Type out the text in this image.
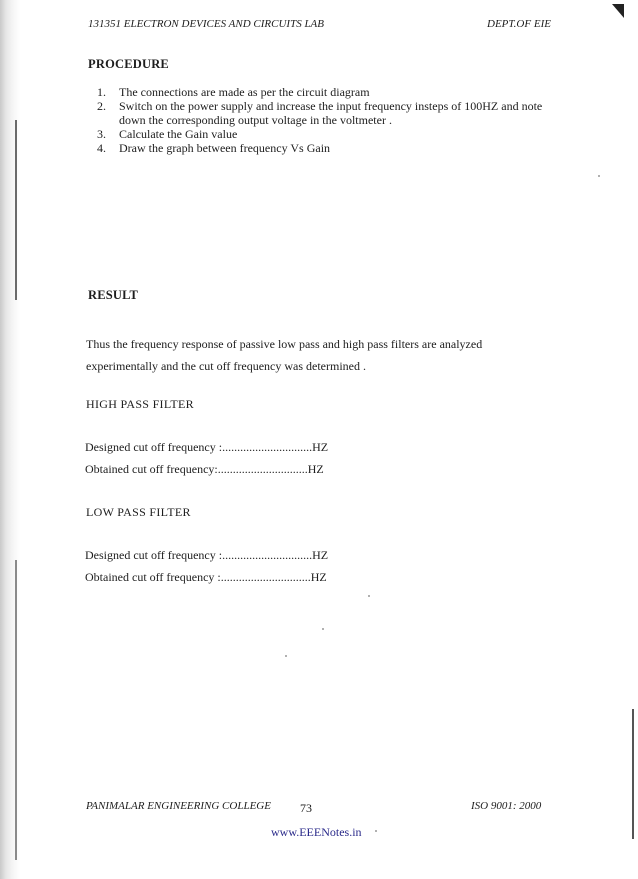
131351 ELECTRON DEVICES AND CIRCUITS LAB	DEPT.OF EIE
PROCEDURE
1. The connections are made as per the circuit diagram
2. Switch on the power supply and increase the input frequency insteps of 100HZ and note down the corresponding output voltage in the voltmeter .
3. Calculate the Gain value
4. Draw the graph between frequency Vs Gain
RESULT
Thus the frequency response of passive low pass and high pass filters are analyzed experimentally and the cut off frequency was determined .
HIGH PASS FILTER
Designed cut off frequency :..............................HZ
Obtained cut off frequency:..............................HZ
LOW PASS FILTER
Designed cut off frequency :..............................HZ
Obtained cut off frequency :..............................HZ
PANIMALAR ENGINEERING COLLEGE 73	ISO 9001: 2000
www.EEENotes.in
